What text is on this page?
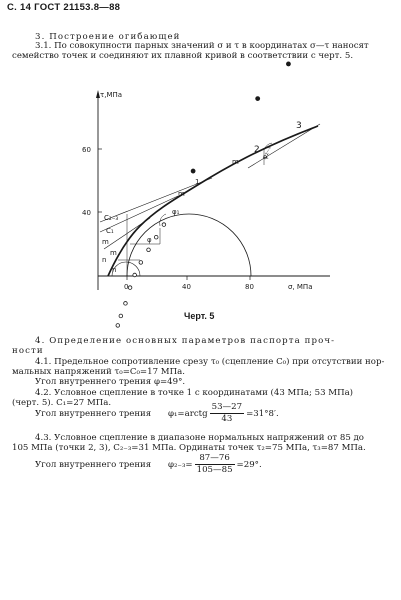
С. 14 ГОСТ 21153.8—88
3. Построение огибающей
3.1. По совокупности парных значений σ и τ в координатах σ—τ наносят
семейство точек и соединяют их плавной кривой в соответствии с черт. 5.
τ,МПа
40
60
0	40	80	σ, МПа
1
2
3
C₂₋₃
C₁
m
m
n
n
m
m
φ₁
φ
φ₂₋₃
Черт. 5
4. Определение основных параметров паспорта проч-
ности
4.1. Предельное сопротивление срезу τ₀ (сцепление C₀) при отсутствии нор-
мальных напряжений τ₀=C₀=17 МПа.
Угол внутреннего трения φ=49°.
4.2. Условное сцепление в точке 1 с координатами (43 МПа; 53 МПа)
(черт. 5). C₁=27 МПа.
Угол внутреннего трения φ₁=arctg $\frac{53—27}{43} =31^\circ 8'$.
4.3. Условное сцепление в диапазоне нормальных напряжений от 85 до
105 МПа (точки 2, 3), C₂₋₃=31 МПа. Ординаты точек τ₂=75 МПа, τ₃=87 МПа.
Угол внутреннего трения $\varphi_{2-3}= \frac{87—76}{105—85} =29^\circ$.
